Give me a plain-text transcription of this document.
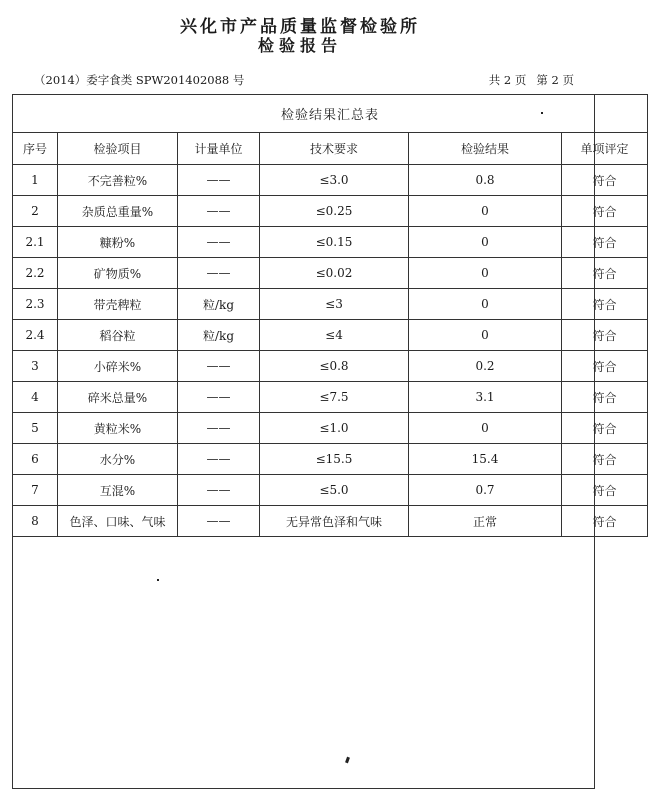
兴化市产品质量监督检验所
检验报告
（2014）委字食类 SPW201402088 号	共 2 页 第 2 页
检验结果汇总表					
序号	检验项目	计量单位	技术要求	检验结果	单项评定
1	不完善粒%	——	≤3.0	0.8	符合
2	杂质总重量%	——	≤0.25	0	符合
2.1	糠粉%	——	≤0.15	0	符合
2.2	矿物质%	——	≤0.02	0	符合
2.3	带壳稗粒	粒/kg	≤3	0	符合
2.4	稻谷粒	粒/kg	≤4	0	符合
3	小碎米%	——	≤0.8	0.2	符合
4	碎米总量%	——	≤7.5	3.1	符合
5	黄粒米%	——	≤1.0	0	符合
6	水分%	——	≤15.5	15.4	符合
7	互混%	——	≤5.0	0.7	符合
8	色泽、口味、气味	——	无异常色泽和气味	正常	符合
